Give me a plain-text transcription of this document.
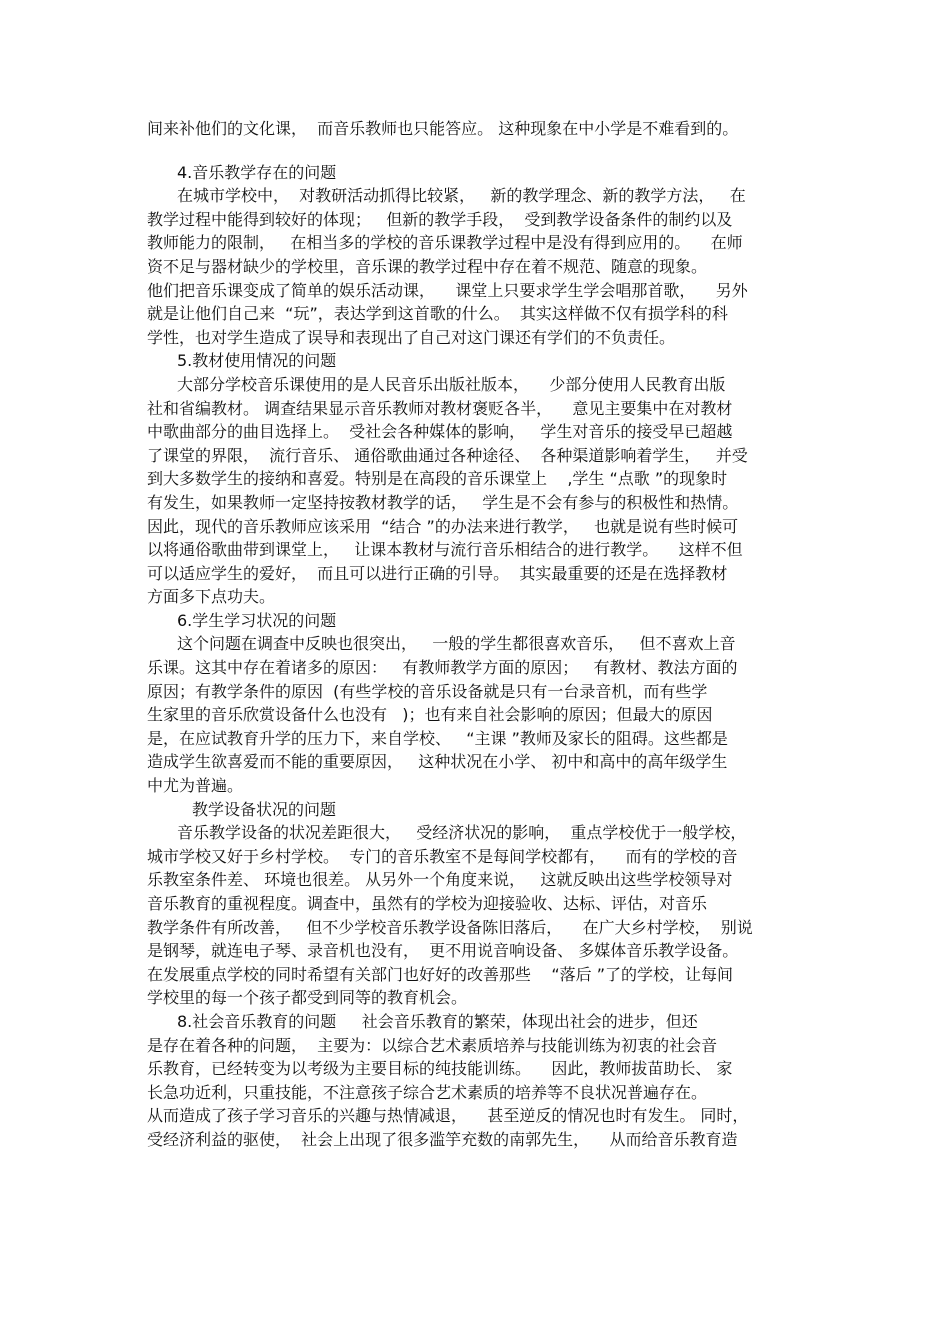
间来补他们的文化课，  而音乐教师也只能答应。 这种现象在中小学是不难看到的。
4.音乐教学存在的问题
在城市学校中，  对教研活动抓得比较紧，   新的教学理念、新的教学方法，   在
教学过程中能得到较好的体现；   但新的教学手段，  受到教学设备条件的制约以及
教师能力的限制，   在相当多的学校的音乐课教学过程中是没有得到应用的。    在师
资不足与器材缺少的学校里，音乐课的教学过程中存在着不规范、随意的现象。
他们把音乐课变成了简单的娱乐活动课，    课堂上只要求学生学会唱那首歌，    另外
就是让他们自己来  “玩”，表达学到这首歌的什么。  其实这样做不仅有损学科的科
学性，也对学生造成了误导和表现出了自己对这门课还有学们的不负责任。
5.教材使用情况的问题
大部分学校音乐课使用的是人民音乐出版社版本，    少部分使用人民教育出版
社和省编教材。 调查结果显示音乐教师对教材褒贬各半，    意见主要集中在对教材
中歌曲部分的曲目选择上。  受社会各种媒体的影响，   学生对音乐的接受早已超越
了课堂的界限，  流行音乐、 通俗歌曲通过各种途径、  各种渠道影响着学生，   并受
到大多数学生的接纳和喜爱。特别是在高段的音乐课堂上    ,学生 “点歌 ”的现象时
有发生，如果教师一定坚持按教材教学的话，   学生是不会有参与的积极性和热情。
因此，现代的音乐教师应该采用  “结合 ”的办法来进行教学，   也就是说有些时候可
以将通俗歌曲带到课堂上，   让课本教材与流行音乐相结合的进行教学。    这样不但
可以适应学生的爱好，  而且可以进行正确的引导。  其实最重要的还是在选择教材
方面多下点功夫。
6.学生学习状况的问题
这个问题在调查中反映也很突出，   一般的学生都很喜欢音乐，   但不喜欢上音
乐课。这其中存在着诸多的原因：   有教师教学方面的原因；   有教材、教法方面的
原因；有教学条件的原因  (有些学校的音乐设备就是只有一台录音机，而有些学
生家里的音乐欣赏设备什么也没有   )；也有来自社会影响的原因；但最大的原因
是，在应试教育升学的压力下，来自学校、   “主课 ”教师及家长的阻碍。这些都是
造成学生欲喜爱而不能的重要原因，   这种状况在小学、 初中和高中的高年级学生
中尤为普遍。
教学设备状况的问题
音乐教学设备的状况差距很大，   受经济状况的影响，  重点学校优于一般学校，
城市学校又好于乡村学校。  专门的音乐教室不是每间学校都有，    而有的学校的音
乐教室条件差、 环境也很差。 从另外一个角度来说，   这就反映出这些学校领导对
音乐教育的重视程度。调查中，虽然有的学校为迎接验收、达标、评估，对音乐
教学条件有所改善，   但不少学校音乐教学设备陈旧落后，    在广大乡村学校，  别说
是钢琴，就连电子琴、录音机也没有，  更不用说音响设备、 多媒体音乐教学设备。
在发展重点学校的同时希望有关部门也好好的改善那些    “落后 ”了的学校，让每间
学校里的每一个孩子都受到同等的教育机会。
8.社会音乐教育的问题     社会音乐教育的繁荣，体现出社会的进步，但还
是存在着各种的问题，  主要为：以综合艺术素质培养与技能训练为初衷的社会音
乐教育，已经转变为以考级为主要目标的纯技能训练。    因此，教师拔苗助长、 家
长急功近利，只重技能，不注意孩子综合艺术素质的培养等不良状况普遍存在。
从而造成了孩子学习音乐的兴趣与热情减退，    甚至逆反的情况也时有发生。 同时，
受经济利益的驱使，  社会上出现了很多滥竽充数的南郭先生，    从而给音乐教育造
